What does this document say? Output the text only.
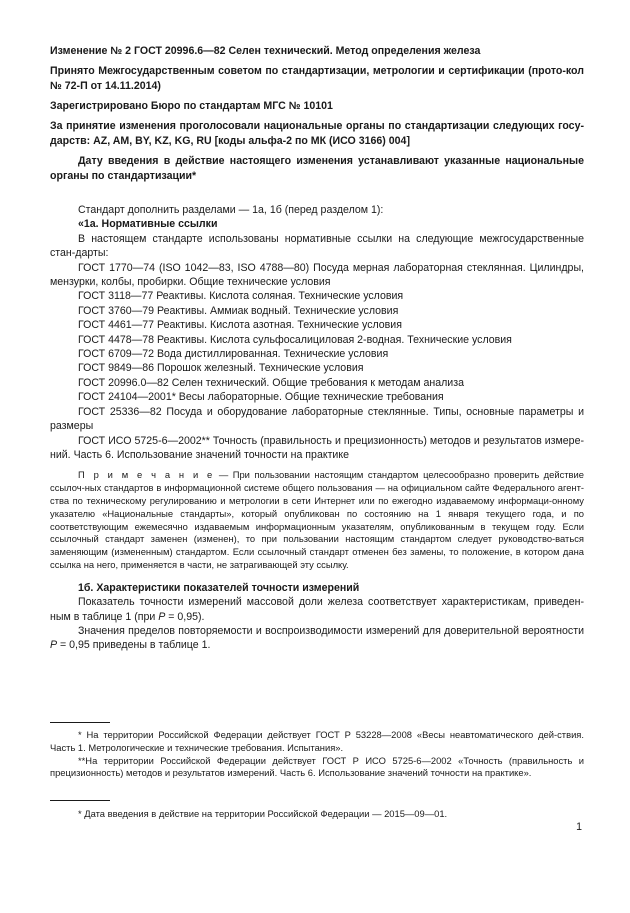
Изменение № 2 ГОСТ 20996.6—82 Селен технический. Метод определения железа
Принято Межгосударственным советом по стандартизации, метрологии и сертификации (прото-кол № 72-П от 14.11.2014)
Зарегистрировано Бюро по стандартам МГС № 10101
За принятие изменения проголосовали национальные органы по стандартизации следующих госу-дарств: AZ, AM, BY, KZ, KG, RU [коды альфа-2 по МК (ИСО 3166) 004]
Дату введения в действие настоящего изменения устанавливают указанные национальные органы по стандартизации*

Стандарт дополнить разделами — 1а, 1б (перед разделом 1):

«1а. Нормативные ссылки

В настоящем стандарте использованы нормативные ссылки на следующие межгосударственные стан-дарты:

ГОСТ 1770—74 (ISO 1042—83, ISO 4788—80) Посуда мерная лабораторная стеклянная. Цилиндры, мензурки, колбы, пробирки. Общие технические условия

ГОСТ 3118—77 Реактивы. Кислота соляная. Технические условия

ГОСТ 3760—79 Реактивы. Аммиак водный. Технические условия

ГОСТ 4461—77 Реактивы. Кислота азотная. Технические условия

ГОСТ 4478—78 Реактивы. Кислота сульфосалициловая 2-водная. Технические условия

ГОСТ 6709—72 Вода дистиллированная. Технические условия

ГОСТ 9849—86 Порошок железный. Технические условия

ГОСТ 20996.0—82 Селен технический. Общие требования к методам анализа

ГОСТ 24104—2001* Весы лабораторные. Общие технические требования

ГОСТ 25336—82 Посуда и оборудование лабораторные стеклянные. Типы, основные параметры и размеры

ГОСТ ИСО 5725-6—2002** Точность (правильность и прецизионность) методов и результатов измере-ний. Часть 6. Использование значений точности на практике

П р и м е ч а н и е — При пользовании настоящим стандартом целесообразно проверить действие ссылоч-ных стандартов в информационной системе общего пользования — на официальном сайте Федерального агент-ства по техническому регулированию и метрологии в сети Интернет или по ежегодно издаваемому информаци-онному указателю «Национальные стандарты», который опубликован по состоянию на 1 января текущего года, и по соответствующим ежемесячно издаваемым информационным указателям, опубликованным в текущем году. Если ссылочный стандарт заменен (изменен), то при пользовании настоящим стандартом следует руководство-ваться заменяющим (измененным) стандартом. Если ссылочный стандарт отменен без замены, то положение, в котором дана ссылка на него, применяется в части, не затрагивающей эту ссылку.

1б. Характеристики показателей точности измерений

Показатель точности измерений массовой доли железа соответствует характеристикам, приведен-ным в таблице 1 (при P = 0,95).

Значения пределов повторяемости и воспроизводимости измерений для доверительной вероятности P = 0,95 приведены в таблице 1.

* На территории Российской Федерации действует ГОСТ Р 53228—2008 «Весы неавтоматического дей-ствия. Часть 1. Метрологические и технические требования. Испытания».

**На территории Российской Федерации действует ГОСТ Р ИСО 5725-6—2002 «Точность (правильность и прецизионность) методов и результатов измерений. Часть 6. Использование значений точности на практике».

* Дата введения в действие на территории Российской Федерации — 2015—09—01.

1
